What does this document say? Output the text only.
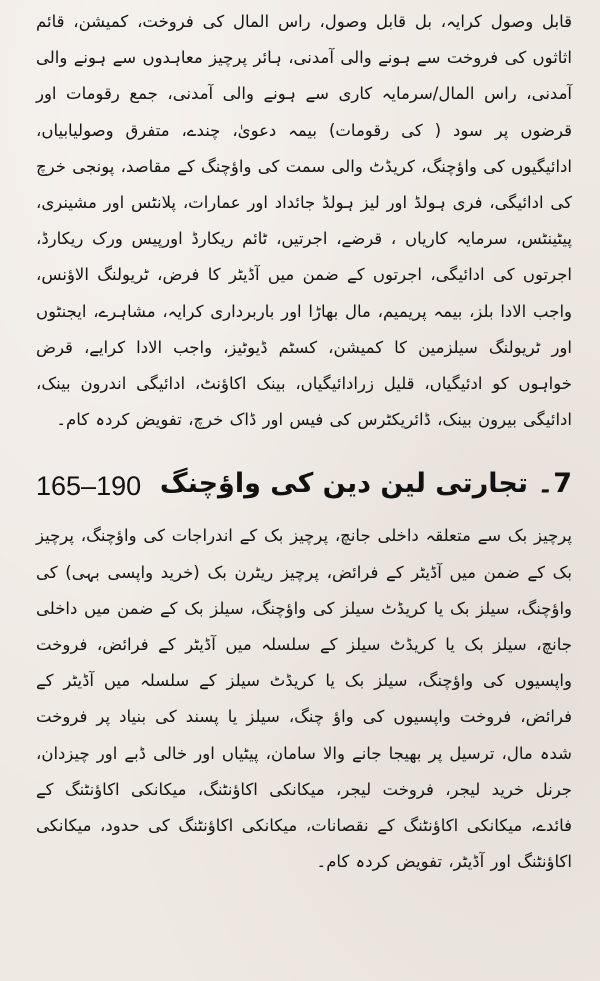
قابل وصول کرایہ، بل قابل وصول، راس المال کی فروخت، کمیشن، قائم اثاثوں کی فروخت سے ہونے والی آمدنی، ہائر پرچیز معاہدوں سے ہونے والی آمدنی، راس المال/سرمایہ کاری سے ہونے والی آمدنی، جمع رقومات اور قرضوں پر سود ( کی رقومات) بیمہ دعویٰ، چندے، متفرق وصولیابیاں، ادائیگیوں کی واؤچنگ، کریڈٹ والی سمت کی واؤچنگ کے مقاصد، پونجی خرچ کی ادائیگی، فری ہولڈ اور لیز ہولڈ جائداد اور عمارات، پلانٹس اور مشینری، پیٹینٹس، سرمایہ کاریاں ، قرضے، اجرتیں، ٹائم ریکارڈ اورپیس ورک ریکارڈ، اجرتوں کی ادائیگی، اجرتوں کے ضمن میں آڈیٹر کا فرض، ٹریولنگ الاؤنس، واجب الادا بلز، بیمہ پریمیم، مال بھاڑا اور باربرداری کرایہ، مشاہرے، ایجنٹوں اور ٹریولنگ سیلزمین کا کمیشن، کسٹم ڈیوٹیز، واجب الادا کرایے، قرض خواہوں کو ادئیگیاں، قلیل زرادائیگیاں، بینک اکاؤنٹ، ادائیگی اندرون بینک، ادائیگی بیرون بینک، ڈائریکٹرس کی فیس اور ڈاک خرچ، تفویض کردہ کام۔

7۔ تجارتی لین دین کی واؤچنگ
165–190

پرچیز بک سے متعلقہ داخلی جانچ، پرچیز بک کے اندراجات کی واؤچنگ، پرچیز بک کے ضمن میں آڈیٹر کے فرائض، پرچیز ریٹرن بک (خرید واپسی بہی) کی واؤچنگ، سیلز بک یا کریڈٹ سیلز کی واؤچنگ، سیلز بک کے ضمن میں داخلی جانچ، سیلز بک یا کریڈٹ سیلز کے سلسلہ میں آڈیٹر کے فرائض، فروخت واپسیوں کی واؤچنگ، سیلز بک یا کریڈٹ سیلز کے سلسلہ میں آڈیٹر کے فرائض، فروخت واپسیوں کی واؤ چنگ، سیلز یا پسند کی بنیاد پر فروخت شدہ مال، ترسیل پر بھیجا جانے والا سامان، پیٹیاں اور خالی ڈبے اور چیزدان، جرنل خرید لیجر، فروخت لیجر، میکانکی اکاؤنٹنگ، میکانکی اکاؤنٹنگ کے فائدے، میکانکی اکاؤنٹنگ کے نقصانات، میکانکی اکاؤنٹنگ کی حدود، میکانکی اکاؤنٹنگ اور آڈیٹر، تفویض کردہ کام۔
